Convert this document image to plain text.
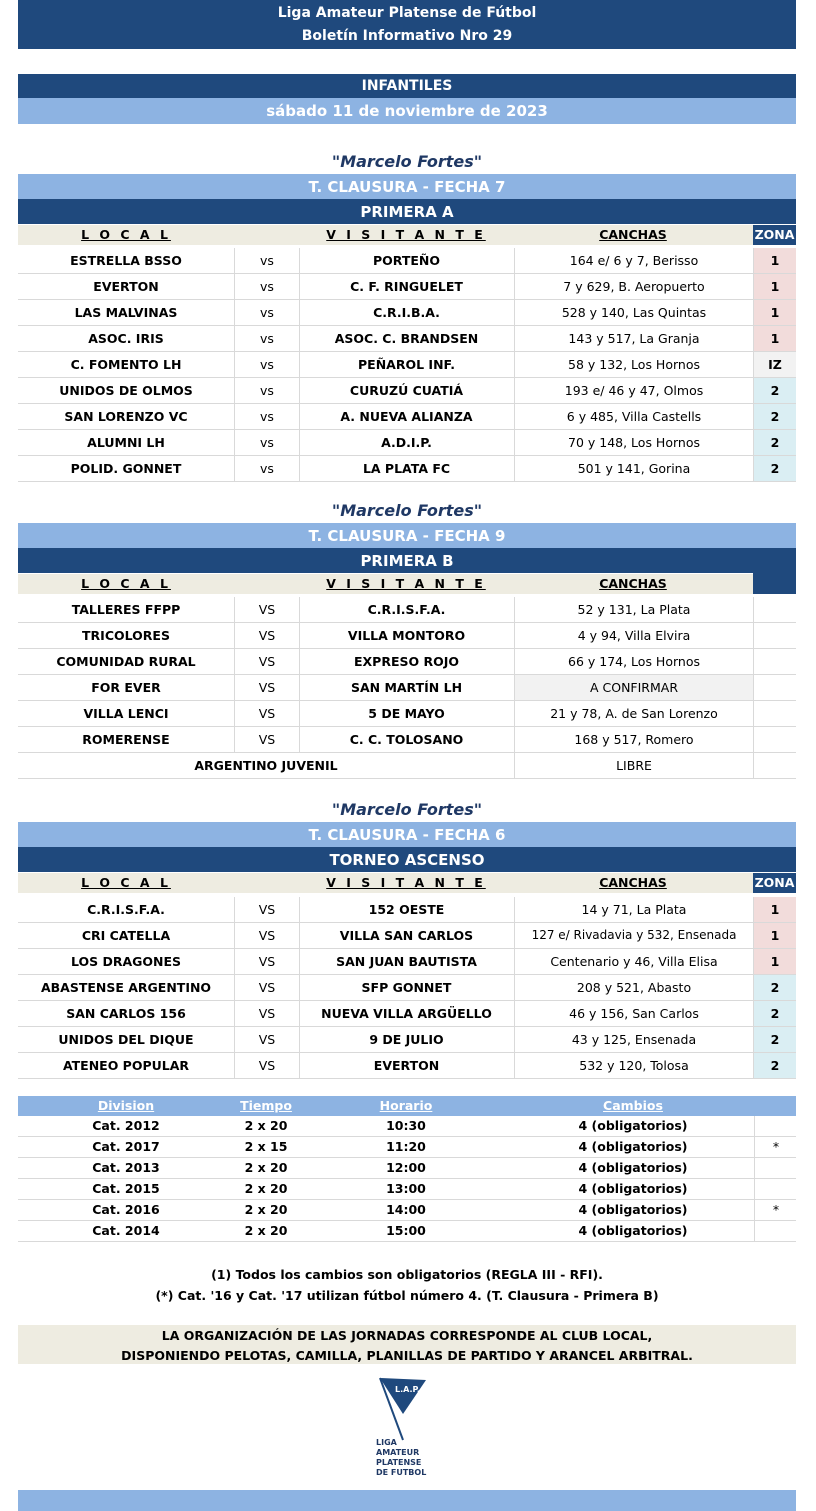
Liga Amateur Platense de Fútbol
Boletín Informativo Nro 29
INFANTILES
sábado 11 de noviembre de 2023
"Marcelo Fortes"
T. CLAUSURA - FECHA 7
PRIMERA A
L O C A L	V I S I T A N T E	CANCHAS	ZONA
ESTRELLA BSSO	vs	PORTEÑO	164 e/ 6 y 7, Berisso	1
EVERTON	vs	C. F. RINGUELET	7 y 629, B. Aeropuerto	1
LAS MALVINAS	vs	C.R.I.B.A.	528 y 140, Las Quintas	1
ASOC. IRIS	vs	ASOC. C. BRANDSEN	143 y 517, La Granja	1
C. FOMENTO LH	vs	PEÑAROL INF.	58 y 132, Los Hornos	IZ
UNIDOS DE OLMOS	vs	CURUZÚ CUATIÁ	193 e/ 46 y 47, Olmos	2
SAN LORENZO VC	vs	A. NUEVA ALIANZA	6 y 485, Villa Castells	2
ALUMNI LH	vs	A.D.I.P.	70 y 148, Los Hornos	2
POLID. GONNET	vs	LA PLATA FC	501 y 141, Gorina	2
"Marcelo Fortes"
T. CLAUSURA - FECHA 9
PRIMERA B
L O C A L	V I S I T A N T E	CANCHAS
TALLERES FFPP	VS	C.R.I.S.F.A.	52 y 131, La Plata
TRICOLORES	VS	VILLA MONTORO	4 y 94, Villa Elvira
COMUNIDAD RURAL	VS	EXPRESO ROJO	66 y 174, Los Hornos
FOR EVER	VS	SAN MARTÍN LH	A CONFIRMAR
VILLA LENCI	VS	5 DE MAYO	21 y 78, A. de San Lorenzo
ROMERENSE	VS	C. C. TOLOSANO	168 y 517, Romero
ARGENTINO JUVENIL	LIBRE
"Marcelo Fortes"
T. CLAUSURA - FECHA 6
TORNEO ASCENSO
L O C A L	V I S I T A N T E	CANCHAS	ZONA
C.R.I.S.F.A.	VS	152 OESTE	14 y 71, La Plata	1
CRI CATELLA	VS	VILLA SAN CARLOS	127 e/ Rivadavia y 532, Ensenada	1
LOS DRAGONES	VS	SAN JUAN BAUTISTA	Centenario y 46, Villa Elisa	1
ABASTENSE ARGENTINO	VS	SFP GONNET	208 y 521, Abasto	2
SAN CARLOS 156	VS	NUEVA VILLA ARGÜELLO	46 y 156, San Carlos	2
UNIDOS DEL DIQUE	VS	9 DE JULIO	43 y 125, Ensenada	2
ATENEO POPULAR	VS	EVERTON	532 y 120, Tolosa	2
Division	Tiempo	Horario	Cambios
Cat. 2012	2 x 20	10:30	4 (obligatorios)
Cat. 2017	2 x 15	11:20	4 (obligatorios)	*
Cat. 2013	2 x 20	12:00	4 (obligatorios)
Cat. 2015	2 x 20	13:00	4 (obligatorios)
Cat. 2016	2 x 20	14:00	4 (obligatorios)	*
Cat. 2014	2 x 20	15:00	4 (obligatorios)
(1) Todos los cambios son obligatorios (REGLA III - RFI).
(*) Cat. '16 y Cat. '17 utilizan fútbol número 4. (T. Clausura - Primera B)
LA ORGANIZACIÓN DE LAS JORNADAS CORRESPONDE AL CLUB LOCAL,
DISPONIENDO PELOTAS, CAMILLA, PLANILLAS DE PARTIDO Y ARANCEL ARBITRAL.
L.A.P.
LIGA
AMATEUR
PLATENSE
DE FUTBOL
